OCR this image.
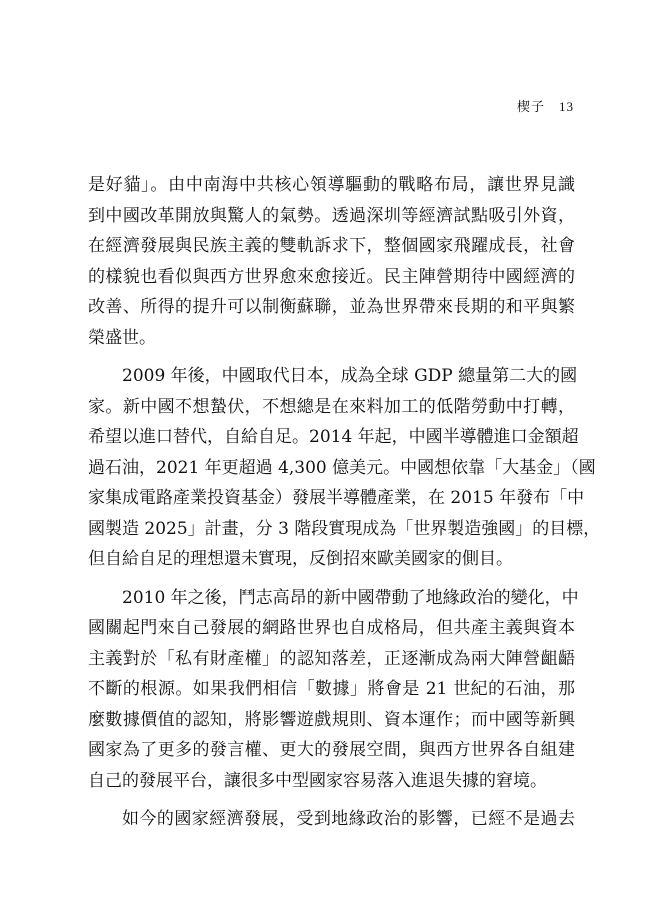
楔子 13
是好貓」。由中南海中共核心領導驅動的戰略布局，讓世界見識
到中國改革開放與驚人的氣勢。透過深圳等經濟試點吸引外資，
在經濟發展與民族主義的雙軌訴求下，整個國家飛躍成長，社會
的樣貌也看似與西方世界愈來愈接近。民主陣營期待中國經濟的
改善、所得的提升可以制衡蘇聯，並為世界帶來長期的和平與繁
榮盛世。
2009 年後，中國取代日本，成為全球 GDP 總量第二大的國
家。新中國不想蟄伏，不想總是在來料加工的低階勞動中打轉，
希望以進口替代，自給自足。2014 年起，中國半導體進口金額超
過石油，2021 年更超過 4,300 億美元。中國想依靠「大基金」（國
家集成電路產業投資基金）發展半導體產業，在 2015 年發布「中
國製造 2025」計畫，分 3 階段實現成為「世界製造強國」的目標，
但自給自足的理想還未實現，反倒招來歐美國家的側目。
2010 年之後，鬥志高昂的新中國帶動了地緣政治的變化，中
國關起門來自己發展的網路世界也自成格局，但共產主義與資本
主義對於「私有財產權」的認知落差，正逐漸成為兩大陣營齟齬
不斷的根源。如果我們相信「數據」將會是 21 世紀的石油，那
麼數據價值的認知，將影響遊戲規則、資本運作；而中國等新興
國家為了更多的發言權、更大的發展空間，與西方世界各自組建
自己的發展平台，讓很多中型國家容易落入進退失據的窘境。
如今的國家經濟發展，受到地緣政治的影響，已經不是過去
